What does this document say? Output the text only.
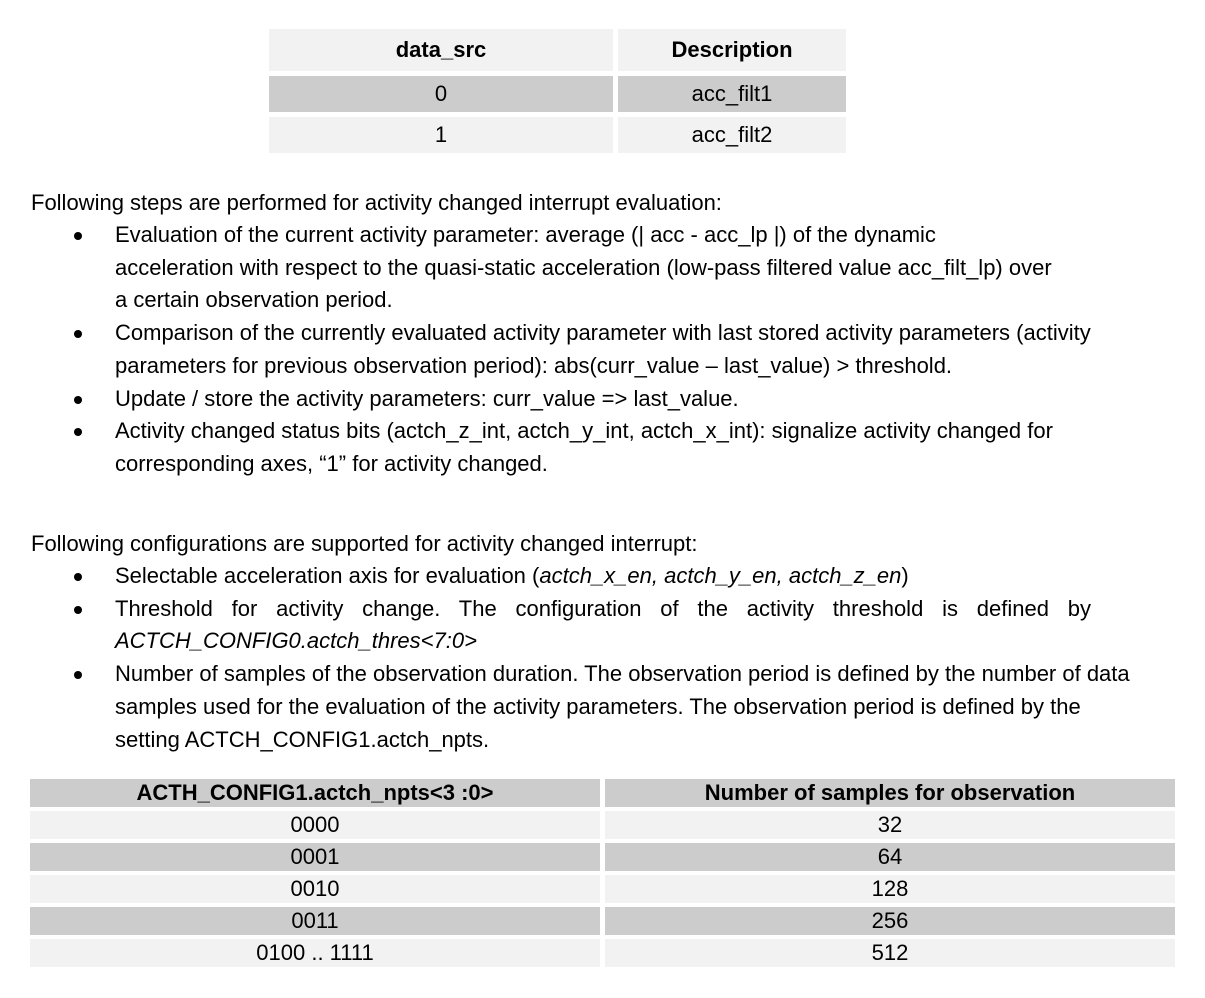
data_src	Description
0	acc_filt1
1	acc_filt2

Following steps are performed for activity changed interrupt evaluation:

Evaluation of the current activity parameter: average (| acc - acc_lp |) of the dynamic acceleration with respect to the quasi-static acceleration (low-pass filtered value acc_filt_lp) over a certain observation period.
Comparison of the currently evaluated activity parameter with last stored activity parameters (activity parameters for previous observation period): abs(curr_value – last_value) > threshold.
Update / store the activity parameters: curr_value => last_value.
Activity changed status bits (actch_z_int, actch_y_int, actch_x_int): signalize activity changed for corresponding axes, “1” for activity changed.

Following configurations are supported for activity changed interrupt:

Selectable acceleration axis for evaluation (actch_x_en, actch_y_en, actch_z_en)
Threshold for activity change. The configuration of the activity threshold is defined by ACTCH_CONFIG0.actch_thres<7:0>
Number of samples of the observation duration. The observation period is defined by the number of data samples used for the evaluation of the activity parameters. The observation period is defined by the setting ACTCH_CONFIG1.actch_npts.
ACTH_CONFIG1.actch_npts<3 :0>	Number of samples for observation
0000	32
0001	64
0010	128
0011	256
0100 .. 1111	512
